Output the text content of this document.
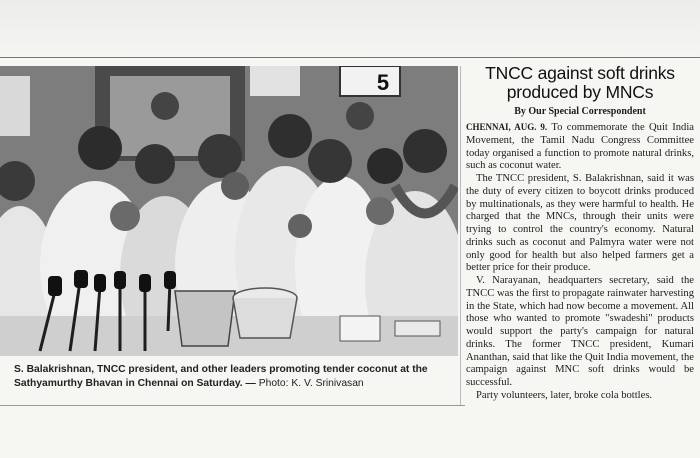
5
S. Balakrishnan, TNCC president, and other leaders promoting tender coconut at the Sathyamurthy Bhavan in Chennai on Saturday. — Photo: K. V. Srinivasan
TNCC against soft drinks produced by MNCs
By Our Special Correspondent

CHENNAI, AUG. 9. To commemorate the Quit India Movement, the Tamil Nadu Congress Committee today organised a function to promote natural drinks, such as coconut water.

The TNCC president, S. Balakrishnan, said it was the duty of every citizen to boycott drinks produced by multinationals, as they were harmful to health. He charged that the MNCs, through their units were trying to control the country's economy. Natural drinks such as coconut and Palmyra water were not only good for health but also helped farmers get a better price for their produce.

V. Narayanan, headquarters secretary, said the TNCC was the first to propagate rainwater harvesting in the State, which had now become a movement. All those who wanted to promote "swadeshi" products would support the party's campaign for natural drinks. The former TNCC president, Kumari Ananthan, said that like the Quit India movement, the campaign against MNC soft drinks would be successful.

Party volunteers, later, broke cola bottles.
